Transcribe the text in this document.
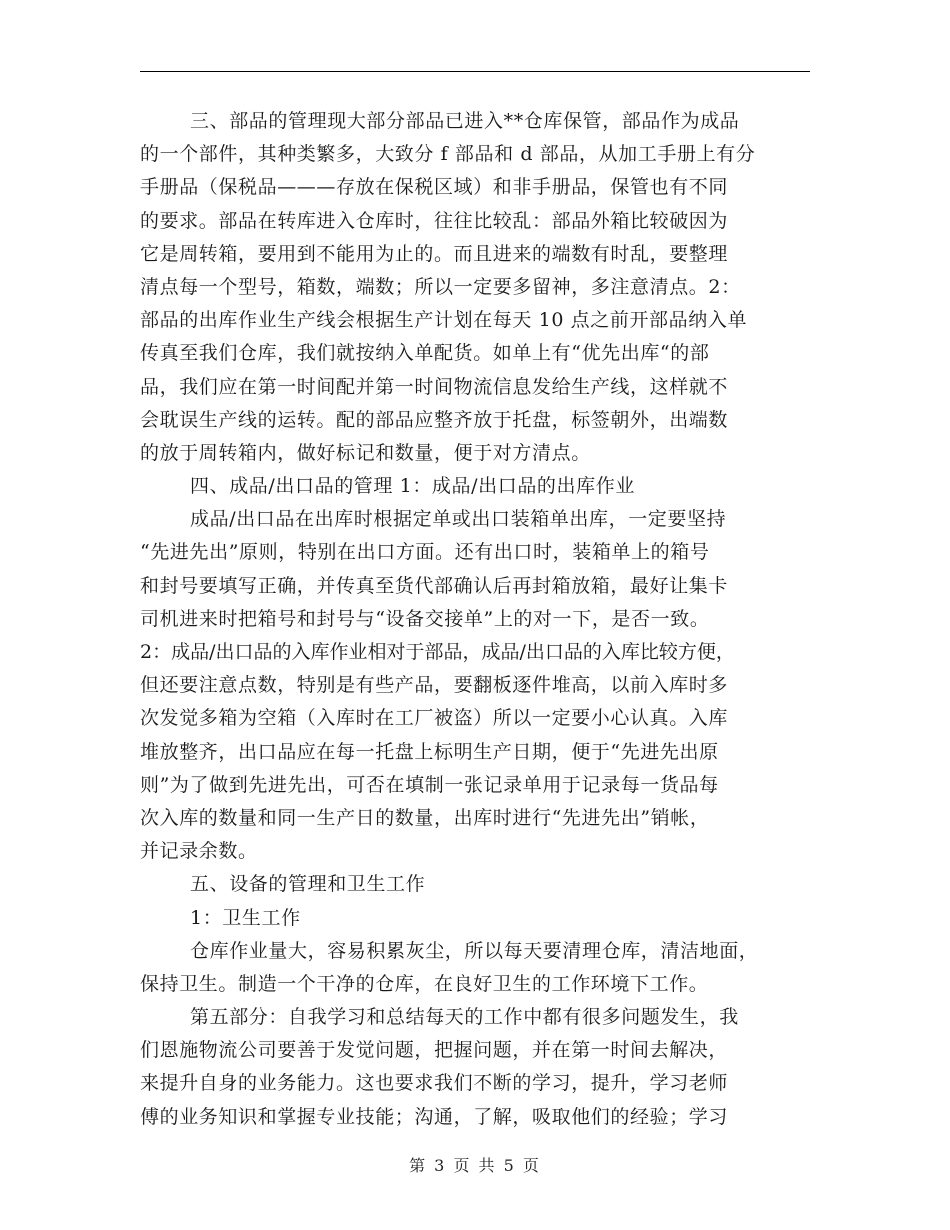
三、部品的管理现大部分部品已进入**仓库保管，部品作为成品
的一个部件，其种类繁多，大致分 f 部品和 d 部品，从加工手册上有分
手册品（保税品———存放在保税区域）和非手册品，保管也有不同
的要求。部品在转库进入仓库时，往往比较乱：部品外箱比较破因为
它是周转箱，要用到不能用为止的。而且进来的端数有时乱，要整理
清点每一个型号，箱数，端数；所以一定要多留神，多注意清点。2：
部品的出库作业生产线会根据生产计划在每天 10 点之前开部品纳入单
传真至我们仓库，我们就按纳入单配货。如单上有“优先出库“的部
品，我们应在第一时间配并第一时间物流信息发给生产线，这样就不
会耽误生产线的运转。配的部品应整齐放于托盘，标签朝外，出端数
的放于周转箱内，做好标记和数量，便于对方清点。
四、成品/出口品的管理 1：成品/出口品的出库作业
成品/出口品在出库时根据定单或出口装箱单出库，一定要坚持
“先进先出”原则，特别在出口方面。还有出口时，装箱单上的箱号
和封号要填写正确，并传真至货代部确认后再封箱放箱，最好让集卡
司机进来时把箱号和封号与“设备交接单”上的对一下，是否一致。
2：成品/出口品的入库作业相对于部品，成品/出口品的入库比较方便，
但还要注意点数，特别是有些产品，要翻板逐件堆高，以前入库时多
次发觉多箱为空箱（入库时在工厂被盗）所以一定要小心认真。入库
堆放整齐，出口品应在每一托盘上标明生产日期，便于“先进先出原
则”为了做到先进先出，可否在填制一张记录单用于记录每一货品每
次入库的数量和同一生产日的数量，出库时进行“先进先出”销帐，
并记录余数。
五、设备的管理和卫生工作
1：卫生工作
仓库作业量大，容易积累灰尘，所以每天要清理仓库，清洁地面，
保持卫生。制造一个干净的仓库，在良好卫生的工作环境下工作。
第五部分：自我学习和总结每天的工作中都有很多问题发生，我
们恩施物流公司要善于发觉问题，把握问题，并在第一时间去解决，
来提升自身的业务能力。这也要求我们不断的学习，提升，学习老师
傅的业务知识和掌握专业技能；沟通，了解，吸取他们的经验；学习
第 3 页 共 5 页
